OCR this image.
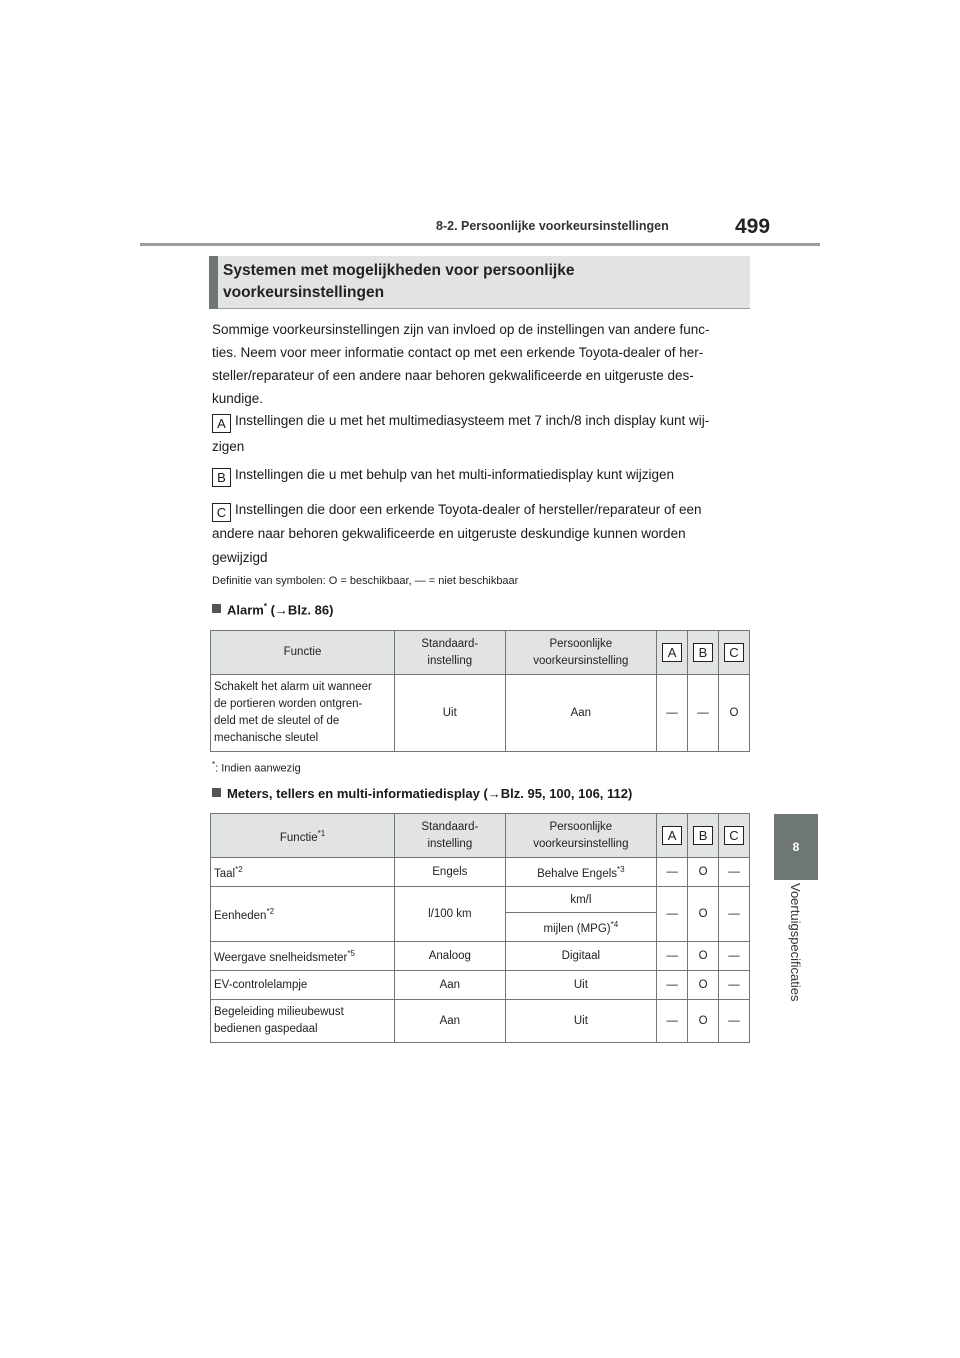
8-2. Persoonlijke voorkeursinstellingen	499
8
Voertuigspecificaties
Systemen met mogelijkheden voor persoonlijke
voorkeursinstellingen
Sommige voorkeursinstellingen zijn van invloed op de instellingen van andere func-
ties. Neem voor meer informatie contact op met een erkende Toyota-dealer of her-
steller/reparateur of een andere naar behoren gekwalificeerde en uitgeruste des-
kundige.
A Instellingen die u met het multimediasysteem met 7 inch/8 inch display kunt wij-
zigen
B Instellingen die u met behulp van het multi-informatiedisplay kunt wijzigen
C Instellingen die door een erkende Toyota-dealer of hersteller/reparateur of een
andere naar behoren gekwalificeerde en uitgeruste deskundige kunnen worden
gewijzigd
Definitie van symbolen: O = beschikbaar, — = niet beschikbaar
Alarm* (→Blz. 86)
Functie	Standaard-
instelling	Persoonlijke
voorkeursinstelling	A	B	C
Schakelt het alarm uit wanneer
de portieren worden ontgren-
deld met de sleutel of de
mechanische sleutel	Uit	Aan	—	—	O
*: Indien aanwezig
Meters, tellers en multi-informatiedisplay (→Blz. 95, 100, 106, 112)
Functie$^{*1}$	Standaard-
instelling	Persoonlijke
voorkeursinstelling	A	B	C
Taal$^{*2}$	Engels	Behalve Engels$^{*3}$	—	O	—
Eenheden$^{*2}$	l/100 km	km/l	—	O	—
		mijlen (MPG)$^{*4}$
Weergave snelheidsmeter$^{*5}$	Analoog	Digitaal	—	O	—
EV-controlelampje	Aan	Uit	—	O	—
Begeleiding milieubewust
bedienen gaspedaal	Aan	Uit	—	O	—
